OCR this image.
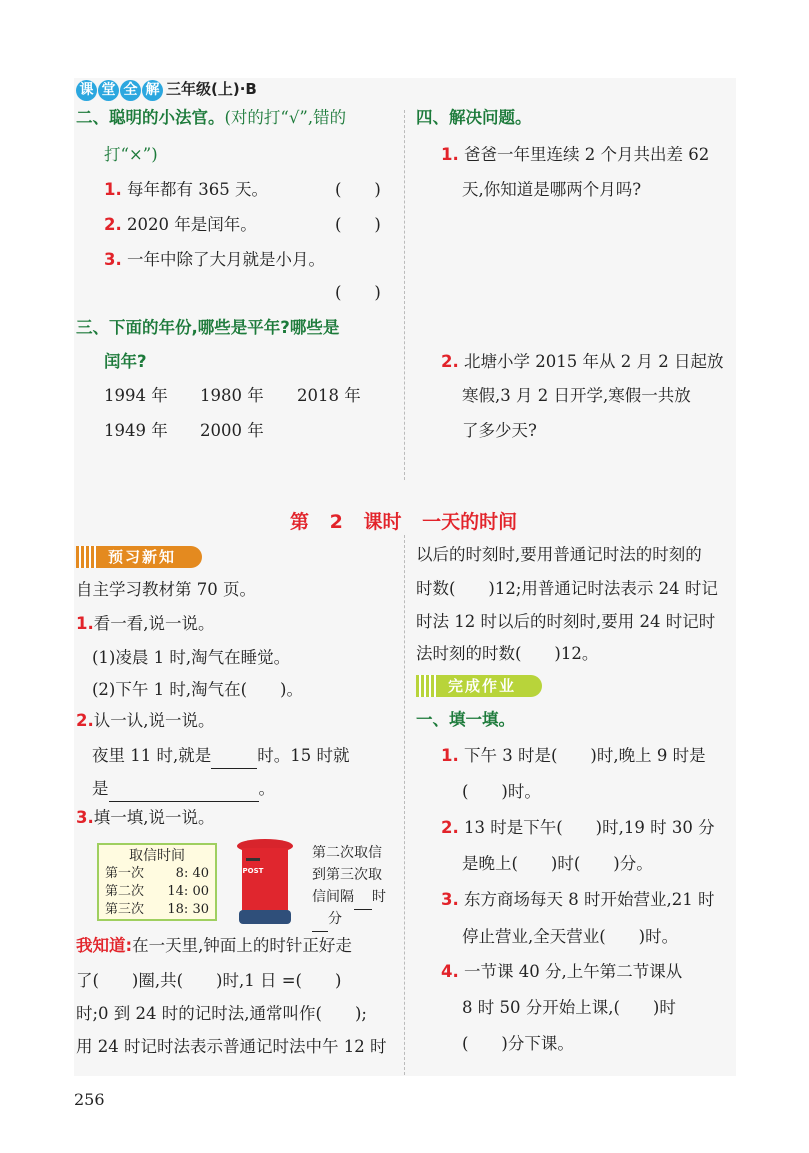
课 堂 全 解 三年级(上)·B
二、聪明的小法官。(对的打“√”,错的
打“×”)
1. 每年都有 365 天。	(　　)
2. 2020 年是闰年。	(　　)
3. 一年中除了大月就是小月。
(　　)
三、下面的年份,哪些是平年?哪些是
闰年?
1994 年 1980 年 2018 年
1949 年 2000 年
四、解决问题。
1. 爸爸一年里连续 2 个月共出差 62
天,你知道是哪两个月吗?
2. 北塘小学 2015 年从 2 月 2 日起放
寒假,3 月 2 日开学,寒假一共放
了多少天?
第 2 课时 一天的时间
预习新知
自主学习教材第 70 页。
1.看一看,说一说。
(1)凌晨 1 时,淘气在睡觉。
(2)下午 1 时,淘气在(　　)。
2.认一认,说一说。
夜里 11 时,就是	时。15 时就
是	。
3.填一填,说一说。
取信时间
第一次 8: 40
第二次 14: 00
第三次 18: 30
POST
第二次取信
到第三次取
信间隔 时
分
我知道:在一天里,钟面上的时针正好走
了(　　)圈,共(　　)时,1 日 =(　　)
时;0 到 24 时的记时法,通常叫作(　　);
用 24 时记时法表示普通记时法中午 12 时
以后的时刻时,要用普通记时法的时刻的
时数(　　)12;用普通记时法表示 24 时记
时法 12 时以后的时刻时,要用 24 时记时
法时刻的时数(　　)12。
完成作业
一、填一填。
1. 下午 3 时是(　　)时,晚上 9 时是
(　　)时。
2. 13 时是下午(　　)时,19 时 30 分
是晚上(　　)时(　　)分。
3. 东方商场每天 8 时开始营业,21 时
停止营业,全天营业(　　)时。
4. 一节课 40 分,上午第二节课从
8 时 50 分开始上课,(　　)时
(　　)分下课。
256
